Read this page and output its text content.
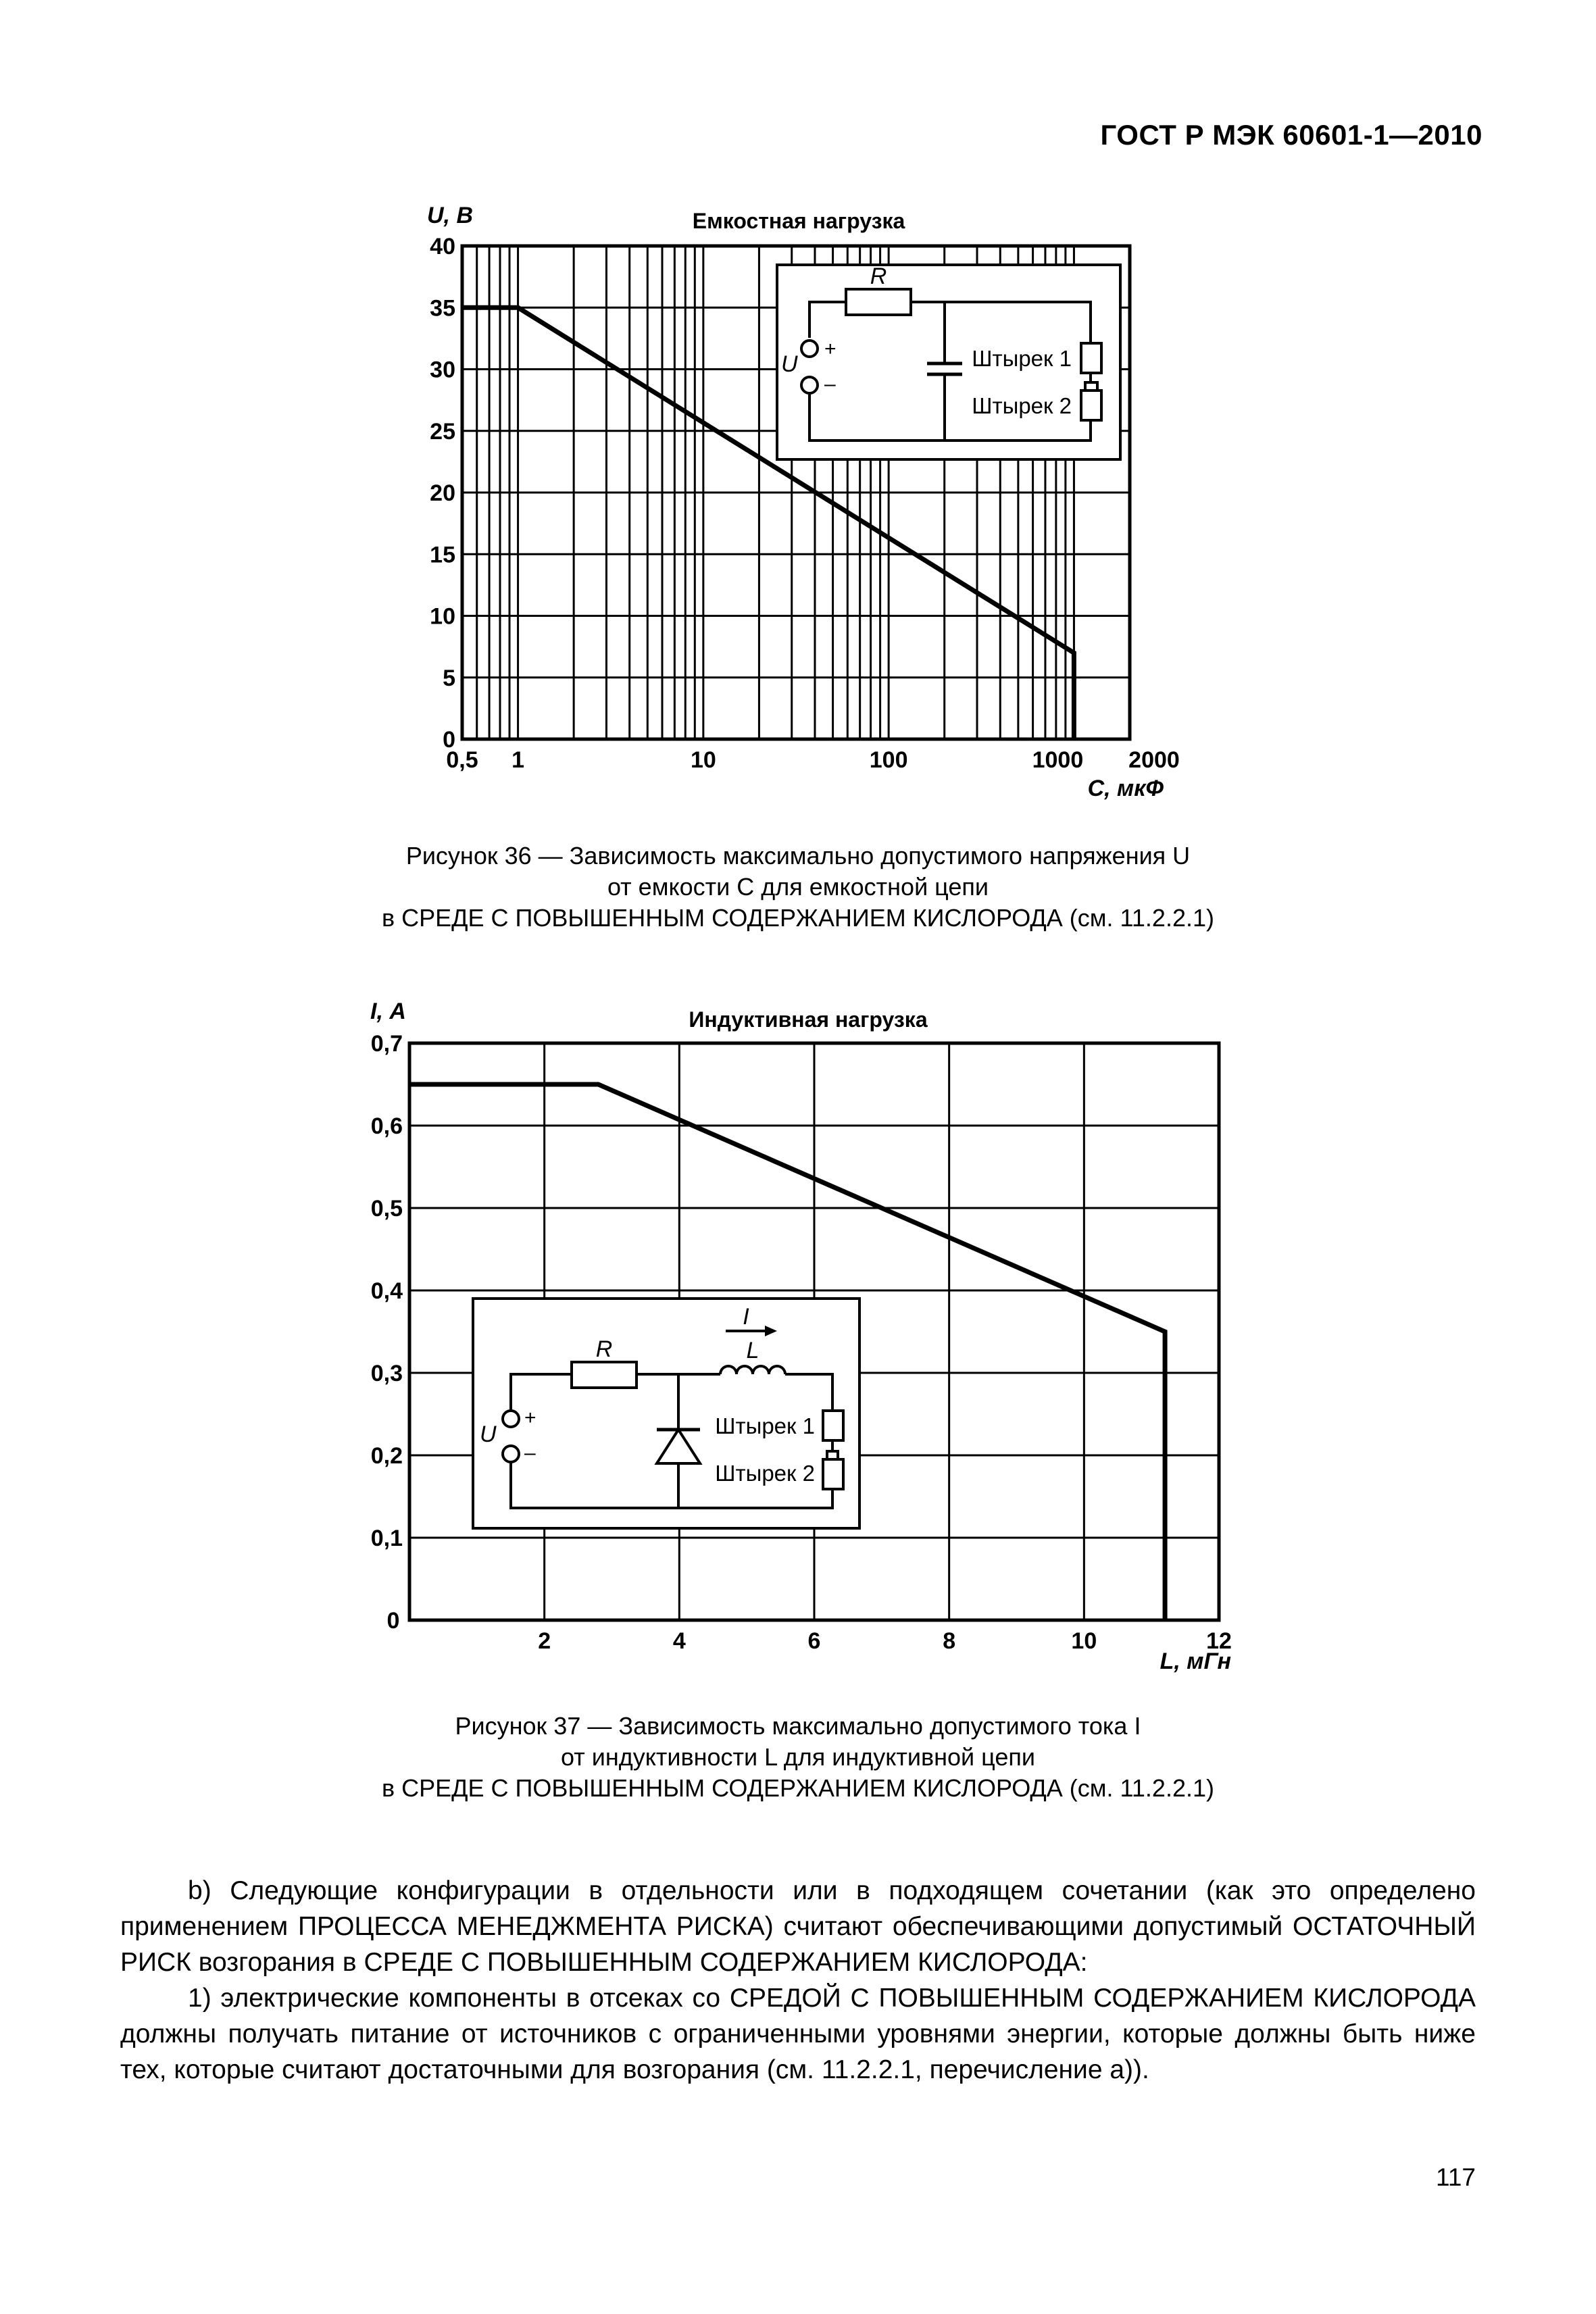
ГОСТ Р МЭК 60601-1—2010
Емкостная нагрузка
U, В
C, мкФ
0,5 1	10	100	1000 2000
0
5
10
15
20
25
30
35
40
R
U
+
–
Штырек 1
Штырек 2
Рисунок 36 — Зависимость максимально допустимого напряжения U
от емкости С для емкостной цепи
в СРЕДЕ С ПОВЫШЕННЫМ СОДЕРЖАНИЕМ КИСЛОРОДА (см. 11.2.2.1)
Индуктивная нагрузка
I, А
L, мГн
0
2	4	6	8	10	12
0,1
0,2
0,3
0,4
0,5
0,6
0,7
I
L
R
U
+
–
Штырек 1
Штырек 2
Рисунок 37 — Зависимость максимально допустимого тока I
от индуктивности L для индуктивной цепи
в СРЕДЕ С ПОВЫШЕННЫМ СОДЕРЖАНИЕМ КИСЛОРОДА (см. 11.2.2.1)

b) Следующие конфигурации в отдельности или в подходящем сочетании (как это определено применением ПРОЦЕССА МЕНЕДЖМЕНТА РИСКА) считают обеспечивающими допустимый ОСТАТОЧНЫЙ РИСК возгорания в СРЕДЕ С ПОВЫШЕННЫМ СОДЕРЖАНИЕМ КИСЛОРОДА:

1) электрические компоненты в отсеках со СРЕДОЙ С ПОВЫШЕННЫМ СОДЕРЖАНИЕМ КИСЛОРОДА должны получать питание от источников с ограниченными уровнями энергии, которые должны быть ниже тех, которые считают достаточными для возгорания (см. 11.2.2.1, перечисление a)).

117
